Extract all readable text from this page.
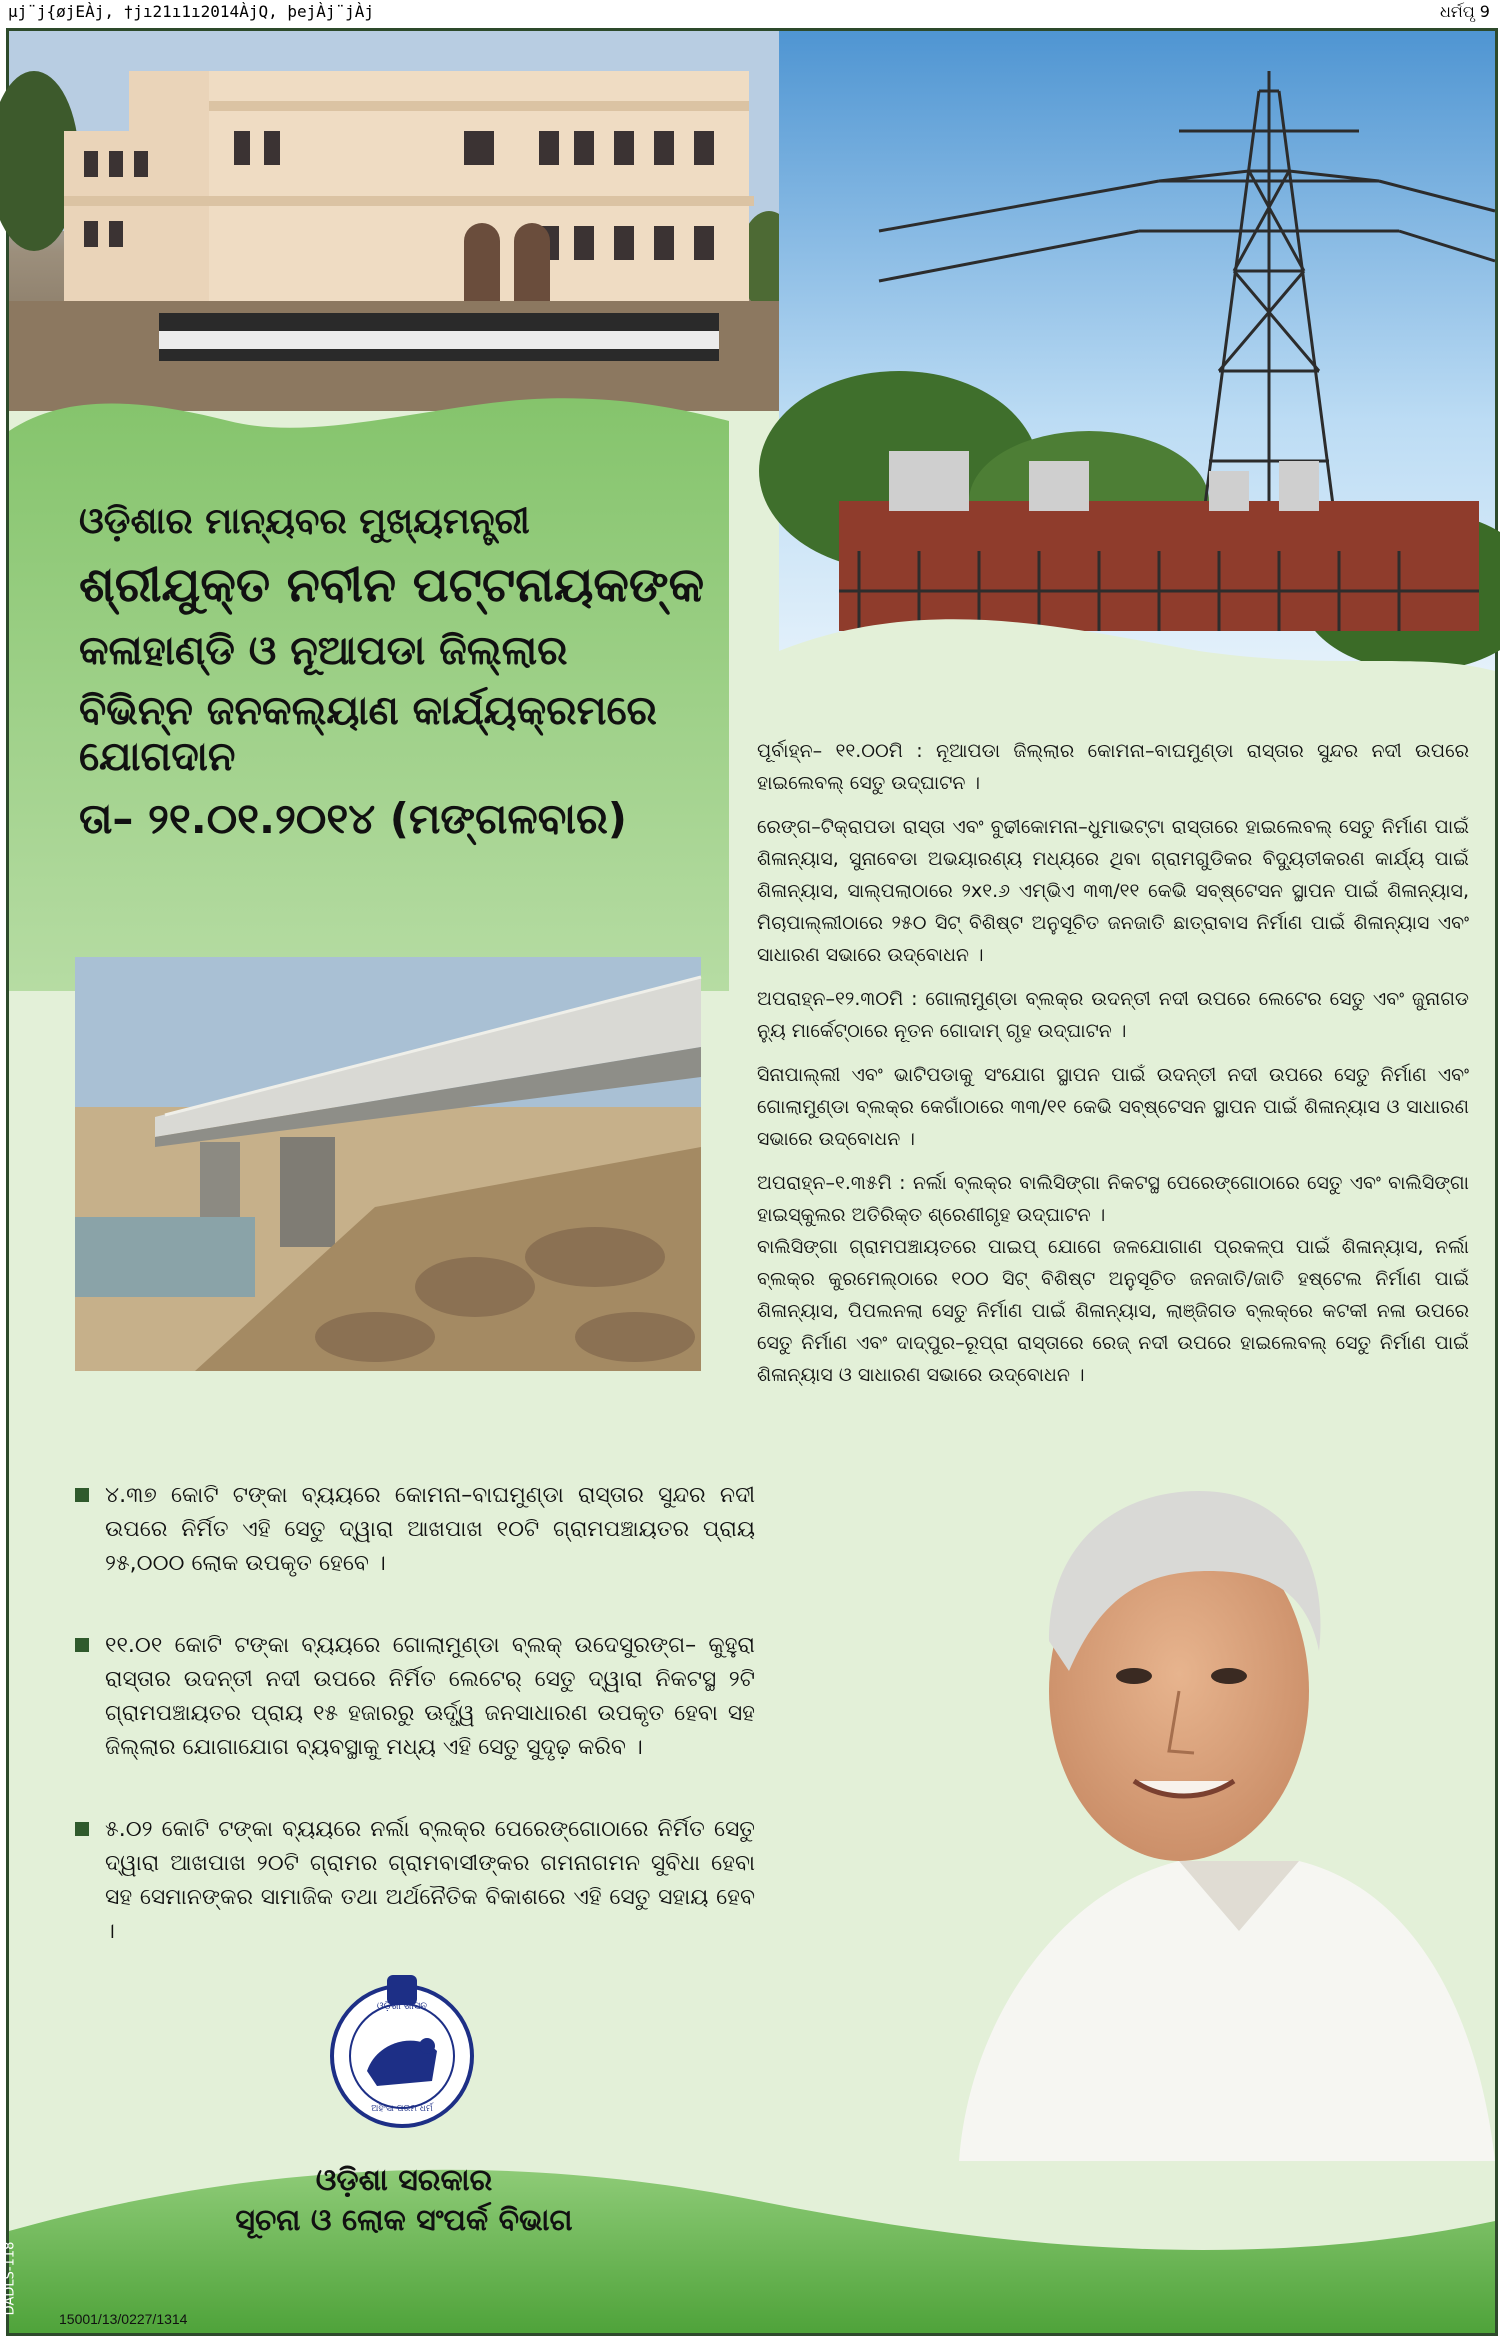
µj¨j{øjEÀj, †jı21ı1ı2014ÀjQ, þejÀj¨jÀj	ଧର୍ମପୃ 9
ଓଡ଼ିଶାର ମାନ୍ୟବର ମୁଖ୍ୟମନ୍ତ୍ରୀ
ଶ୍ରୀଯୁକ୍ତ ନବୀନ ପଟ୍ଟନାୟକଙ୍କ
କଳାହାଣ୍ଡି ଓ ନୂଆପଡା ଜିଲ୍ଲାର
ବିଭିନ୍ନ ଜନକଲ୍ୟାଣ କାର୍ଯ୍ୟକ୍ରମରେ ଯୋଗଦାନ
ତା– ୨୧.୦୧.୨୦୧୪ (ମଙ୍ଗଳବାର)

ପୂର୍ବାହ୍ନ– ୧୧.୦୦ମି : ନୂଆପଡା ଜିଲ୍ଲାର କୋମନା–ବାଘମୁଣ୍ଡା ରାସ୍ତାର ସୁନ୍ଦର ନଦୀ ଉପରେ ହାଇଲେବଲ୍ ସେତୁ ଉଦ୍‌ଘାଟନ ।

ରେଙ୍ଗ–ଟିକ୍ରାପଡା ରାସ୍ତା ଏବଂ ବୁଢୀକୋମନା–ଧୁମାଭଟ୍ଟା ରାସ୍ତାରେ ହାଇଲେବଲ୍ ସେତୁ ନିର୍ମାଣ ପାଇଁ ଶିଳାନ୍ୟାସ, ସୁନାବେଡା ଅଭୟାରଣ୍ୟ ମଧ୍ୟରେ ଥିବା ଗ୍ରାମଗୁଡିକର ବିଦ୍ୟୁତୀକରଣ କାର୍ଯ୍ୟ ପାଇଁ ଶିଳାନ୍ୟାସ, ସାଲ୍‌ପଲାଠାରେ ୨x୧.୬ ଏମ୍‌ଭିଏ ୩୩/୧୧ କେଭି ସବ୍‌ଷ୍ଟେସନ ସ୍ଥାପନ ପାଇଁ ଶିଳାନ୍ୟାସ, ମିଚାପାଲ୍ଲୀଠାରେ ୨୫୦ ସିଟ୍ ବିଶିଷ୍ଟ ଅନୁସୂଚିତ ଜନଜାତି ଛାତ୍ରାବାସ ନିର୍ମାଣ ପାଇଁ ଶିଳାନ୍ୟାସ ଏବଂ ସାଧାରଣ ସଭାରେ ଉଦ୍‌ବୋଧନ ।

ଅପରାହ୍ନ–୧୨.୩୦ମି : ଗୋଲାମୁଣ୍ଡା ବ୍ଲକ୍‌ର ଉଦନ୍ତୀ ନଦୀ ଉପରେ ଲେଟେର ସେତୁ ଏବଂ ଜୁନାଗଡ ନ୍ୟୁ ମାର୍କେଟ୍‌ଠାରେ ନୂତନ ଗୋଦାମ୍ ଗୃହ ଉଦ୍‌ଘାଟନ ।

ସିନାପାଲ୍ଲୀ ଏବଂ ଭାଟିପଡାକୁ ସଂଯୋଗ ସ୍ଥାପନ ପାଇଁ ଉଦନ୍ତୀ ନଦୀ ଉପରେ ସେତୁ ନିର୍ମାଣ ଏବଂ ଗୋଲାମୁଣ୍ଡା ବ୍ଲକ୍‌ର କେଗାଁଠାରେ ୩୩/୧୧ କେଭି ସବ୍‌ଷ୍ଟେସନ ସ୍ଥାପନ ପାଇଁ ଶିଳାନ୍ୟାସ ଓ ସାଧାରଣ ସଭାରେ ଉଦ୍‌ବୋଧନ ।

ଅପରାହ୍ନ–୧.୩୫ମି : ନର୍ଲା ବ୍ଲକ୍‌ର ବାଲିସିଙ୍ଗା ନିକଟସ୍ଥ ପେରେଙ୍ଗୋଠାରେ ସେତୁ ଏବଂ ବାଲିସିଙ୍ଗା ହାଇସ୍କୁଲର ଅତିରିକ୍ତ ଶ୍ରେଣୀଗୃହ ଉଦ୍‌ଘାଟନ ।

ବାଲିସିଙ୍ଗା ଗ୍ରାମପଞ୍ଚାୟତରେ ପାଇପ୍ ଯୋଗେ ଜଳଯୋଗାଣ ପ୍ରକଳ୍ପ ପାଇଁ ଶିଳାନ୍ୟାସ, ନର୍ଲା ବ୍ଲକ୍‌ର କୁରମେଲ୍‌ଠାରେ ୧୦୦ ସିଟ୍ ବିଶିଷ୍ଟ ଅନୁସୂଚିତ ଜନଜାତି/ଜାତି ହଷ୍ଟେଲ ନିର୍ମାଣ ପାଇଁ ଶିଳାନ୍ୟାସ, ପିପଲନଲା ସେତୁ ନିର୍ମାଣ ପାଇଁ ଶିଳାନ୍ୟାସ, ଲାଞ୍ଜିଗଡ ବ୍ଲକ୍‌ରେ କଟକୀ ନଳା ଉପରେ ସେତୁ ନିର୍ମାଣ ଏବଂ ଦାଦ୍‌ପୁର–ରୂପ୍ରା ରାସ୍ତାରେ ରେଜ୍ ନଦୀ ଉପରେ ହାଇଲେବଲ୍ ସେତୁ ନିର୍ମାଣ ପାଇଁ ଶିଳାନ୍ୟାସ ଓ ସାଧାରଣ ସଭାରେ ଉଦ୍‌ବୋଧନ ।

୪.୩୭ କୋଟି ଟଙ୍କା ବ୍ୟୟରେ କୋମନା–ବାଘମୁଣ୍ଡା ରାସ୍ତାର ସୁନ୍ଦର ନଦୀ ଉପରେ ନିର୍ମିତ ଏହି ସେତୁ ଦ୍ୱାରା ଆଖପାଖ ୧୦ଟି ଗ୍ରାମପଞ୍ଚାୟତର ପ୍ରାୟ ୨୫,୦୦୦ ଲୋକ ଉପକୃତ ହେବେ ।
୧୧.୦୧ କୋଟି ଟଙ୍କା ବ୍ୟୟରେ ଗୋଲାମୁଣ୍ଡା ବ୍ଲକ୍ ଉଦେସୁରଙ୍ଗ– କୁହୁରା ରାସ୍ତାର ଉଦନ୍ତୀ ନଦୀ ଉପରେ ନିର୍ମିତ ଲେଟେର୍ ସେତୁ ଦ୍ୱାରା ନିକଟସ୍ଥ ୨ଟି ଗ୍ରାମପଞ୍ଚାୟତର ପ୍ରାୟ ୧୫ ହଜାରରୁ ଊର୍ଦ୍ଧ୍ୱ ଜନସାଧାରଣ ଉପକୃତ ହେବା ସହ ଜିଲ୍ଲାର ଯୋଗାଯୋଗ ବ୍ୟବସ୍ଥାକୁ ମଧ୍ୟ ଏହି ସେତୁ ସୁଦୃଢ଼ କରିବ ।
୫.୦୨ କୋଟି ଟଙ୍କା ବ୍ୟୟରେ ନର୍ଲା ବ୍ଲକ୍‌ର ପେରେଙ୍ଗୋଠାରେ ନିର୍ମିତ ସେତୁ ଦ୍ୱାରା ଆଖପାଖ ୨୦ଟି ଗ୍ରାମର ଗ୍ରାମବାସୀଙ୍କର ଗମନାଗମନ ସୁବିଧା ହେବା ସହ ସେମାନଙ୍କର ସାମାଜିକ ତଥା ଅର୍ଥନୈତିକ ବିକାଶରେ ଏହି ସେତୁ ସହାୟ ହେବ ।
ଓଡ଼ିଶା ଶାସନ
ଅହିଂସା ପରମ ଧର୍ମ
ଓଡ଼ିଶା ସରକାର
ସୂଚନା ଓ ଲୋକ ସଂପର୍କ ବିଭାଗ
DADLS-118
15001/13/0227/1314
